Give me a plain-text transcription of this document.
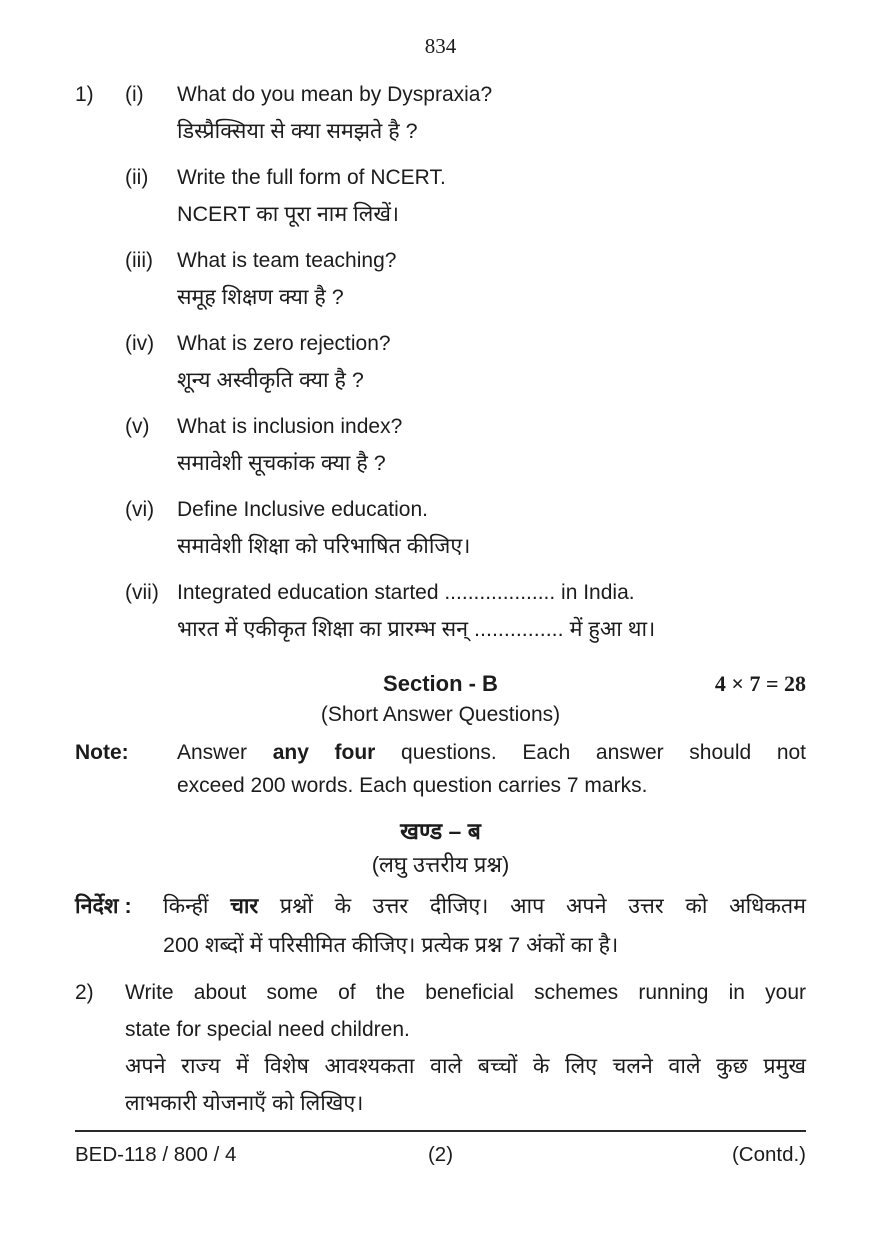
834
1)	(i)	What do you mean by Dyspraxia?
डिस्प्रैक्सिया से क्या समझते है ?
(ii)	Write the full form of NCERT.
NCERT का पूरा नाम लिखें।
(iii)	What is team teaching?
समूह शिक्षण क्या है ?
(iv)	What is zero rejection?
शून्य अस्वीकृति क्या है ?
(v)	What is inclusion index?
समावेशी सूचकांक क्या है ?
(vi)	Define Inclusive education.
समावेशी शिक्षा को परिभाषित कीजिए।
(vii) Integrated education started ................... in India.
भारत में एकीकृत शिक्षा का प्रारम्भ सन् ............... में हुआ था।
Section - B	4 × 7 = 28
(Short Answer Questions)
Note:	Answer any four questions. Each answer should not
exceed 200 words. Each question carries 7 marks.
खण्ड – ब
(लघु उत्तरीय प्रश्न)
निर्देश :	किन्हीं चार प्रश्नों के उत्तर दीजिए। आप अपने उत्तर को अधिकतम
200 शब्दों में परिसीमित कीजिए। प्रत्येक प्रश्न 7 अंकों का है।
2)	Write about some of the beneficial schemes running in your
state for special need children.
अपने राज्य में विशेष आवश्यकता वाले बच्चों के लिए चलने वाले कुछ प्रमुख
लाभकारी योजनाएँ को लिखिए।
(2)
BED-118 / 800 / 4	(Contd.)
